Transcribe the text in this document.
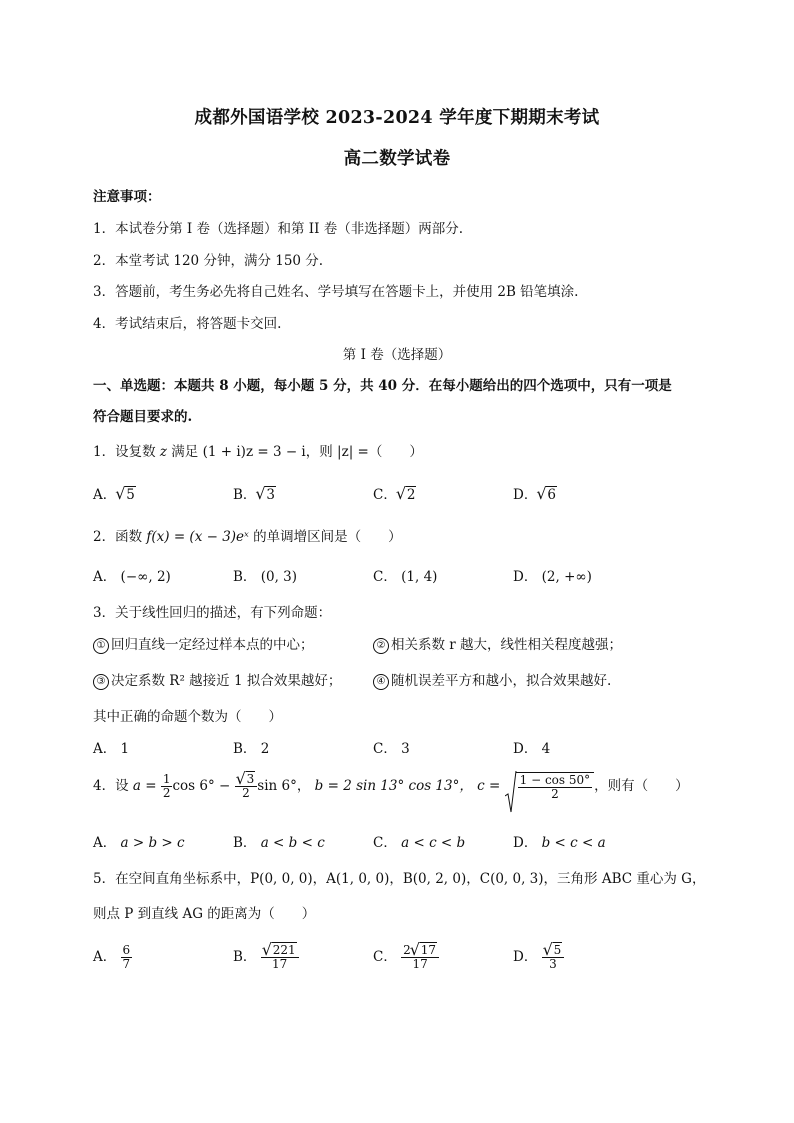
成都外国语学校 2023-2024 学年度下期期末考试
高二数学试卷
注意事项：
1．本试卷分第 I 卷（选择题）和第 II 卷（非选择题）两部分.
2．本堂考试 120 分钟，满分 150 分.
3．答题前，考生务必先将自己姓名、学号填写在答题卡上，并使用 2B 铅笔填涂.
4．考试结束后，将答题卡交回.
第 I 卷（选择题）
一、单选题：本题共 8 小题，每小题 5 分，共 40 分．在每小题给出的四个选项中，只有一项是
符合题目要求的.
1．设复数 z 满足 (1 + i)z = 3 − i，则 |z| =（　　）
A． √ 5	B． √ 3	C． √ 2	D． √ 6
2．函数 f(x) = (x − 3)eˣ 的单调增区间是（　　）
A． (−∞, 2)	B． (0, 3)	C． (1, 4)	D． (2, +∞)
3．关于线性回归的描述，有下列命题：
① 回归直线一定经过样本点的中心；	② 相关系数 r 越大，线性相关程度越强；
③ 决定系数 R² 越接近 1 拟合效果越好；	④ 随机误差平方和越小，拟合效果越好.
其中正确的命题个数为（　　）
A． 1	B． 2	C． 3	D． 4
4．设 $a = \frac{1}{2}$ cos 6° − √ $\frac{3}{2}$ sin 6°， b = 2 sin 13° cos 13°， $c = \frac{1 - \cos 50^\circ}{2}$ ，则有（　　）
A． a > b > c	B． a < b < c	C． a < c < b	D． b < c < a
5．在空间直角坐标系中，P(0, 0, 0)，A(1, 0, 0)，B(0, 2, 0)，C(0, 0, 3)，三角形 ABC 重心为 G，
则点 P 到直线 AG 的距离为（　　）
A． $\frac{6}{7}$	B． √ $\frac{221}{17}$	C． $\frac{2 √ 17}{17}$	D． √ $\frac{5}{3}$
